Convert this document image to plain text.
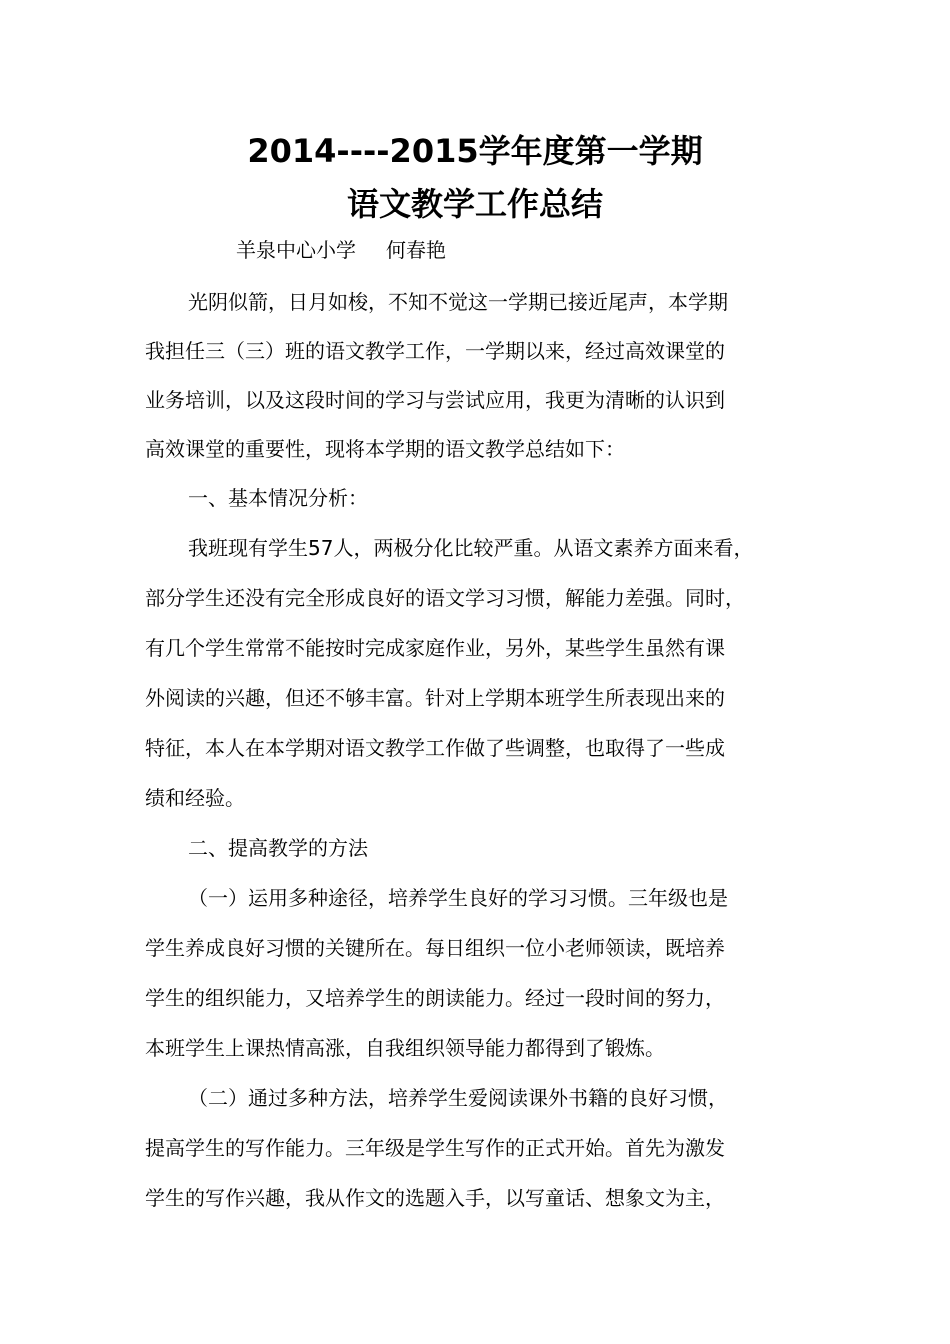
2014----2015学年度第一学期
语文教学工作总结
羊泉中心小学 何春艳
光阴似箭，日月如梭，不知不觉这一学期已接近尾声，本学期
我担任三（三）班的语文教学工作，一学期以来，经过高效课堂的
业务培训，以及这段时间的学习与尝试应用，我更为清晰的认识到
高效课堂的重要性，现将本学期的语文教学总结如下：
一、基本情况分析：
我班现有学生57人，两极分化比较严重。从语文素养方面来看，
部分学生还没有完全形成良好的语文学习习惯，解能力差强。同时，
有几个学生常常不能按时完成家庭作业，另外，某些学生虽然有课
外阅读的兴趣，但还不够丰富。针对上学期本班学生所表现出来的
特征，本人在本学期对语文教学工作做了些调整，也取得了一些成
绩和经验。
二、提高教学的方法
（一）运用多种途径，培养学生良好的学习习惯。三年级也是
学生养成良好习惯的关键所在。每日组织一位小老师领读，既培养
学生的组织能力，又培养学生的朗读能力。经过一段时间的努力，
本班学生上课热情高涨，自我组织领导能力都得到了锻炼。
（二）通过多种方法，培养学生爱阅读课外书籍的良好习惯，
提高学生的写作能力。三年级是学生写作的正式开始。首先为激发
学生的写作兴趣，我从作文的选题入手，以写童话、想象文为主，
